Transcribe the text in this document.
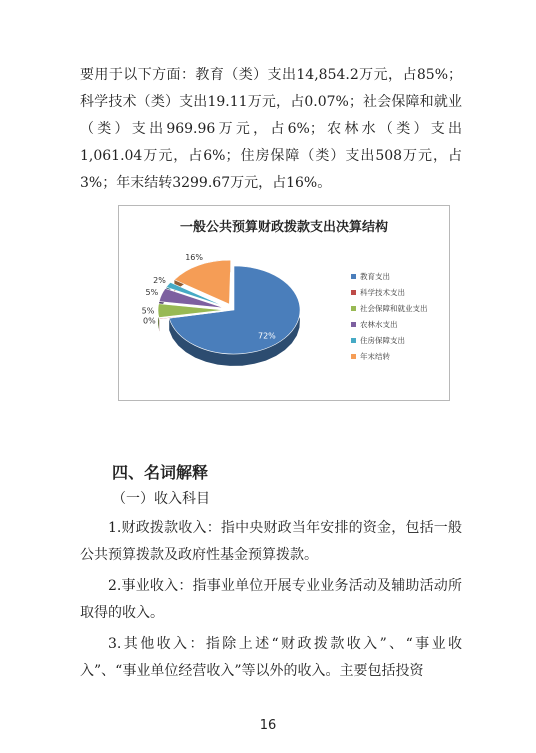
要用于以下方面：教育（类）支出14,854.2万元，占85%；科学技术（类）支出19.11万元，占0.07%；社会保障和就业（类）支出969.96万元，占6%；农林水（类）支出1,061.04万元，占6%；住房保障（类）支出508万元，占3%；年末结转3299.67万元，占16%。
一般公共预算财政拨款支出决算结构
72%
0%
5%
5%
2%
16%
教育支出
科学技术支出
社会保障和就业支出
农林水支出
住房保障支出
年末结转
四、名词解释
（一）收入科目
1.财政拨款收入：指中央财政当年安排的资金，包括一般公共预算拨款及政府性基金预算拨款。
2.事业收入：指事业单位开展专业业务活动及辅助活动所取得的收入。
3.其他收入：指除上述“财政拨款收入”、“事业收入”、“事业单位经营收入”等以外的收入。主要包括投资
16
